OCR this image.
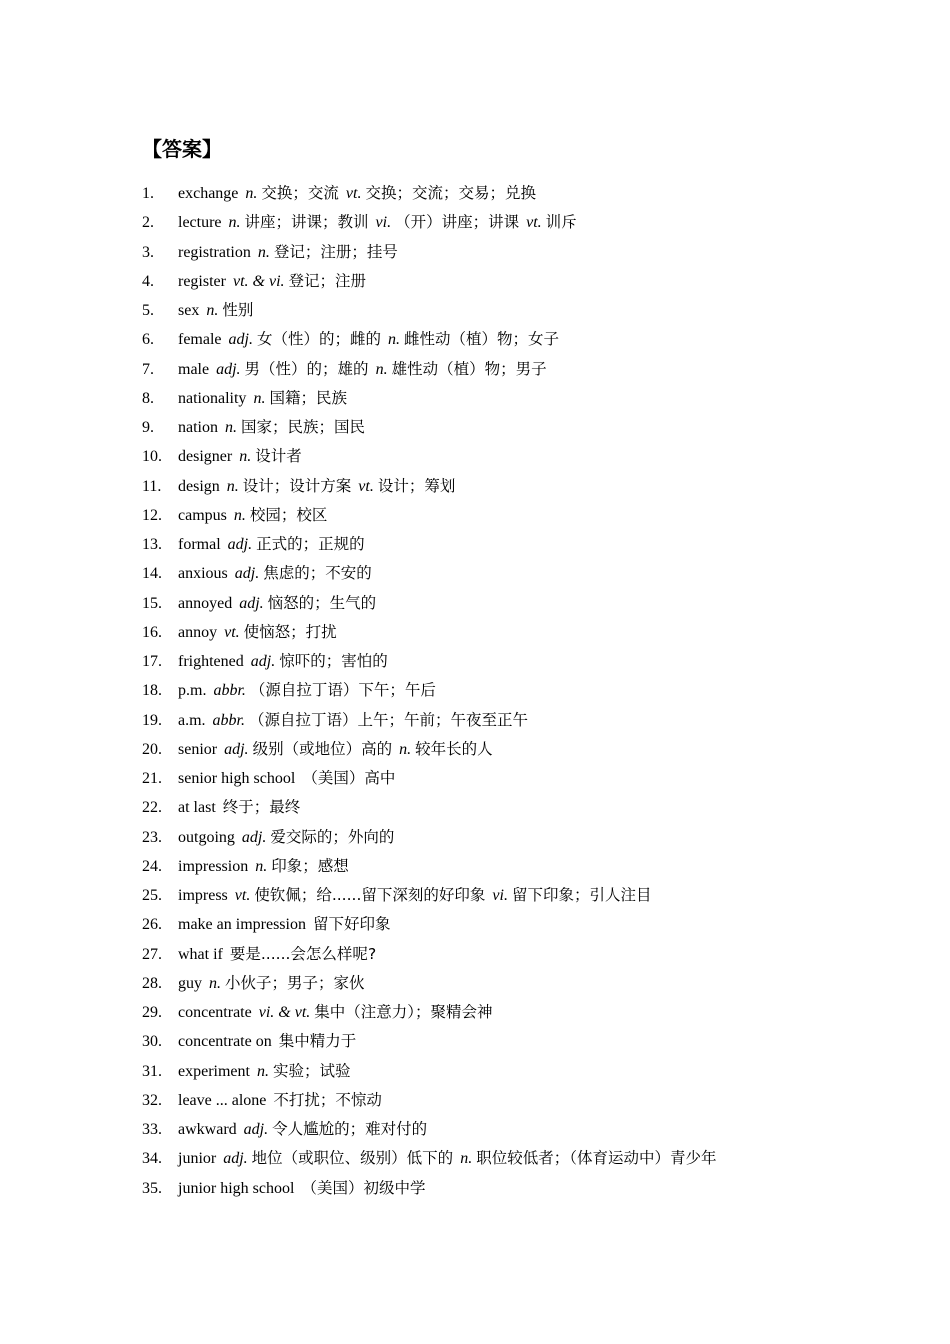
【答案】
1. exchange n. 交换；交流 vt. 交换；交流；交易；兑换
2. lecture n. 讲座；讲课；教训 vi. （开）讲座；讲课 vt. 训斥
3. registration n. 登记；注册；挂号
4. register vt. & vi. 登记；注册
5. sex n. 性别
6. female adj. 女（性）的；雌的 n. 雌性动（植）物；女子
7. male adj. 男（性）的；雄的 n. 雄性动（植）物；男子
8. nationality n. 国籍；民族
9. nation n. 国家；民族；国民
10. designer n. 设计者
11. design n. 设计；设计方案 vt. 设计；筹划
12. campus n. 校园；校区
13. formal adj. 正式的；正规的
14. anxious adj. 焦虑的；不安的
15. annoyed adj. 恼怒的；生气的
16. annoy vt. 使恼怒；打扰
17. frightened adj. 惊吓的；害怕的
18. p.m. abbr. （源自拉丁语）下午；午后
19. a.m. abbr. （源自拉丁语）上午；午前；午夜至正午
20. senior adj. 级别（或地位）高的 n. 较年长的人
21. senior high school （美国）高中
22. at last 终于；最终
23. outgoing adj. 爱交际的；外向的
24. impression n. 印象；感想
25. impress vt. 使钦佩；给......留下深刻的好印象 vi. 留下印象；引人注目
26. make an impression 留下好印象
27. what if 要是......会怎么样呢?
28. guy n. 小伙子；男子；家伙
29. concentrate vi. & vt. 集中（注意力）；聚精会神
30. concentrate on 集中精力于
31. experiment n. 实验；试验
32. leave ... alone 不打扰；不惊动
33. awkward adj. 令人尴尬的；难对付的
34. junior adj. 地位（或职位、级别）低下的 n. 职位较低者；（体育运动中）青少年
35. junior high school （美国）初级中学
